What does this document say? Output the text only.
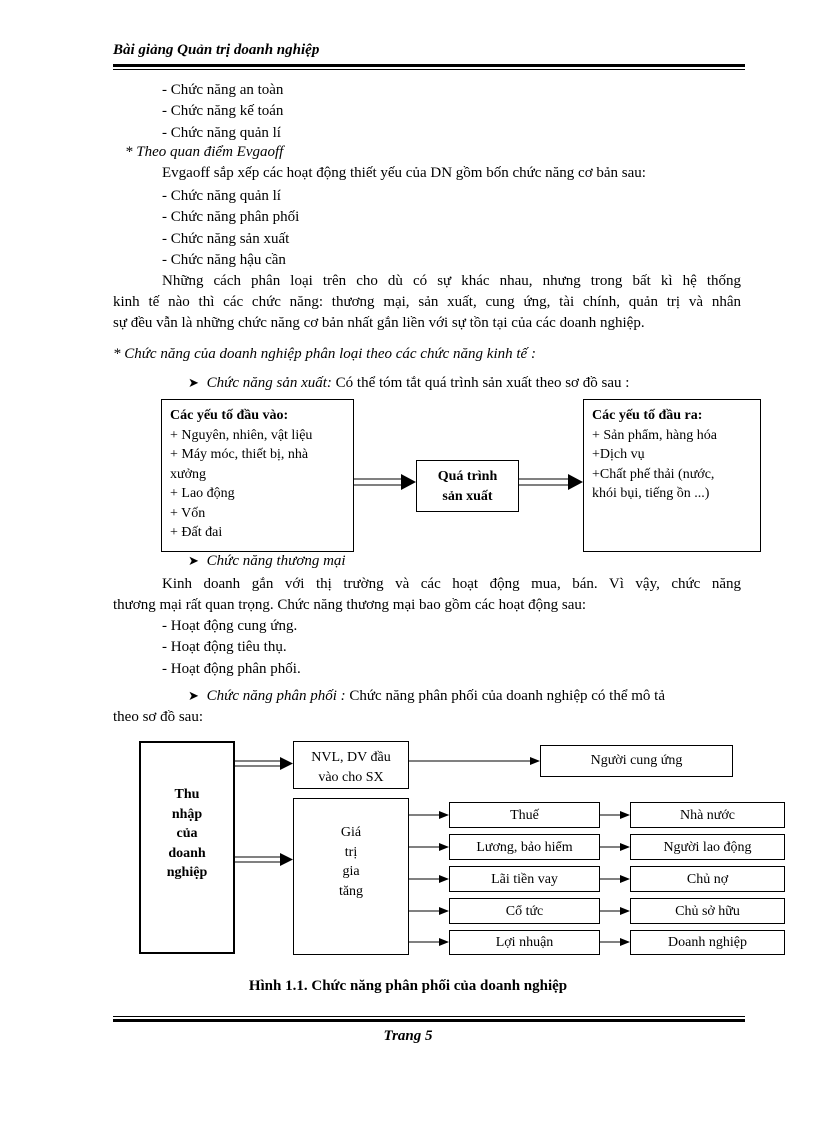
Bài giảng Quản trị doanh nghiệp
- Chức năng an toàn
- Chức năng kế toán
- Chức năng quản lí
* Theo quan điểm Evgaoff
Evgaoff sắp xếp các hoạt động thiết yếu của DN gồm bốn chức năng cơ bản sau:
- Chức năng quản lí
- Chức năng phân phối
- Chức năng sản xuất
- Chức năng hậu cần
Những cách phân loại trên cho dù có sự khác nhau, nhưng trong bất kì hệ thống
kinh tế nào thì các chức năng: thương mại, sản xuất, cung ứng, tài chính, quản trị và nhân
sự đều vẫn là những chức năng cơ bản nhất gắn liền với sự tồn tại của các doanh nghiệp.
* Chức năng của doanh nghiệp phân loại theo các chức năng kinh tế :
➤ Chức năng sản xuất: Có thể tóm tắt quá trình sản xuất theo sơ đồ sau :
Các yếu tố đầu vào:
+ Nguyên, nhiên, vật liệu
+ Máy móc, thiết bị, nhà
xưởng
+ Lao động
+ Vốn
+ Đất đai
Quá trình
sản xuất
Các yếu tố đầu ra:
+ Sản phẩm, hàng hóa
+Dịch vụ
+Chất phế thải (nước,
khói bụi, tiếng ồn ...)
➤ Chức năng thương mại
Kinh doanh gắn với thị trường và các hoạt động mua, bán. Vì vậy, chức năng
thương mại rất quan trọng. Chức năng thương mại bao gồm các hoạt động sau:
- Hoạt động cung ứng.
- Hoạt động tiêu thụ.
- Hoạt động phân phối.
➤ Chức năng phân phối : Chức năng phân phối của doanh nghiệp có thể mô tả
theo sơ đồ sau:
Thu
nhập
của
doanh
nghiệp
NVL, DV đầu
vào cho SX
Người cung ứng
Giá
trị
gia
tăng
Thuế
Lương, bảo hiểm
Lãi tiền vay
Cổ tức
Lợi nhuận
Nhà nước
Người lao động
Chủ nợ
Chủ sở hữu
Doanh nghiệp
Hình 1.1. Chức năng phân phối của doanh nghiệp
Trang 5
